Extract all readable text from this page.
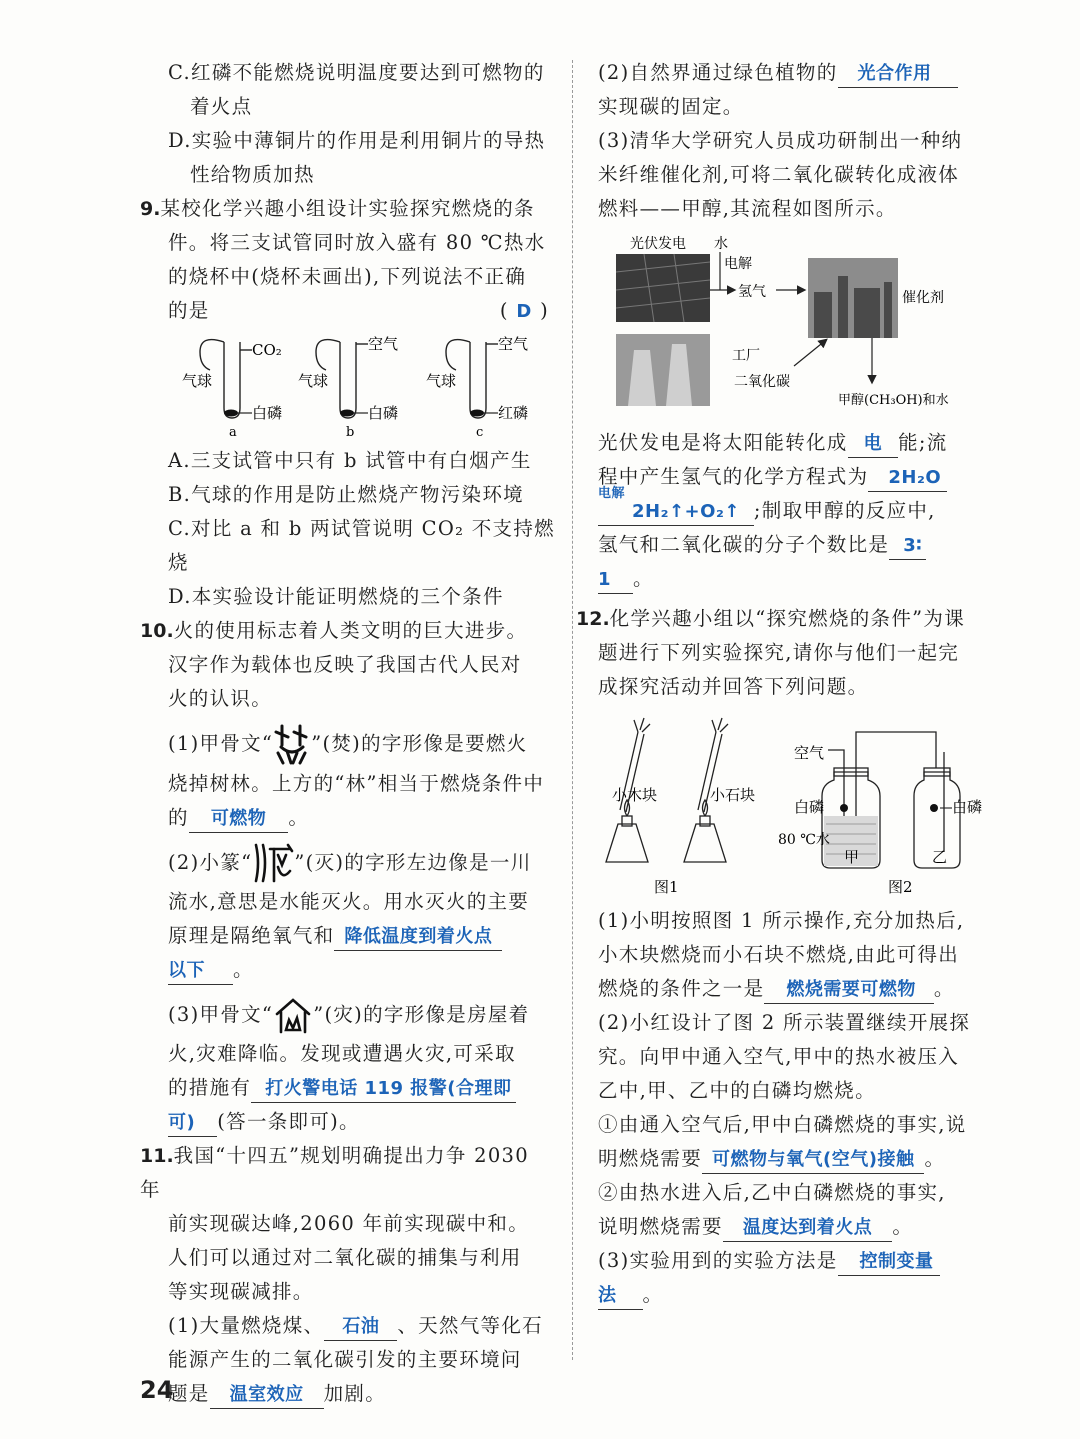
C.红磷不能燃烧说明温度要达到可燃物的

着火点

D.实验中薄铜片的作用是利用铜片的导热

性给物质加热

9.某校化学兴趣小组设计实验探究燃烧的条

件。将三支试管同时放入盛有 80 ℃热水

的烧杯中(烧杯未画出),下列说法不正确

的是	( D )

CO₂
气球
白磷
a
空气
气球
白磷
b
空气
气球
红磷
c

A.三支试管中只有 b 试管中有白烟产生

B.气球的作用是防止燃烧产物污染环境

C.对比 a 和 b 两试管说明 CO₂ 不支持燃烧

D.本实验设计能证明燃烧的三个条件

10.火的使用标志着人类文明的巨大进步。

汉字作为载体也反映了我国古代人民对

火的认识。

(1)甲骨文“ ”(焚)的字形像是要燃火

烧掉树林。上方的“林”相当于燃烧条件中

的 可燃物 。

(2)小篆“ ”(灭)的字形左边像是一川

流水,意思是水能灭火。用水灭火的主要

原理是隔绝氧气和 降低温度到着火点

以下 。

(3)甲骨文“ ”(灾)的字形像是房屋着

火,灾难降临。发现或遭遇火灾,可采取

的措施有 打火警电话 119 报警(合理即

可) (答一条即可)。

11.我国“十四五”规划明确提出力争 2030 年

前实现碳达峰,2060 年前实现碳中和。

人们可以通过对二氧化碳的捕集与利用

等实现碳减排。

(1)大量燃烧煤、 石油 、天然气等化石

能源产生的二氧化碳引发的主要环境问

题是 温室效应 加剧。

(2)自然界通过绿色植物的 光合作用

实现碳的固定。

(3)清华大学研究人员成功研制出一种纳

米纤维催化剂,可将二氧化碳转化成液体

燃料——甲醇,其流程如图所示。

光伏发电 水
电解
氢气	催化剂
工厂
二氧化碳
甲醇(CH₃OH)和水

光伏发电是将太阳能转化成 电 能;流

程中产生氢气的化学方程式为 2H₂O

电解
2H₂↑+O₂↑ ;制取甲醇的反应中,

氢气和二氧化碳的分子个数比是 3∶

1 。

12.化学兴趣小组以“探究燃烧的条件”为课

题进行下列实验探究,请你与他们一起完

成探究活动并回答下列问题。

小木块	小石块
图1
空气
白磷
80 ℃水
甲
白磷
乙
图2

(1)小明按照图 1 所示操作,充分加热后,

小木块燃烧而小石块不燃烧,由此可得出

燃烧的条件之一是 燃烧需要可燃物 。

(2)小红设计了图 2 所示装置继续开展探

究。向甲中通入空气,甲中的热水被压入

乙中,甲、乙中的白磷均燃烧。

①由通入空气后,甲中白磷燃烧的事实,说

明燃烧需要 可燃物与氧气(空气)接触 。

②由热水进入后,乙中白磷燃烧的事实,

说明燃烧需要 温度达到着火点 。

(3)实验用到的实验方法是 控制变量

法 。

24
